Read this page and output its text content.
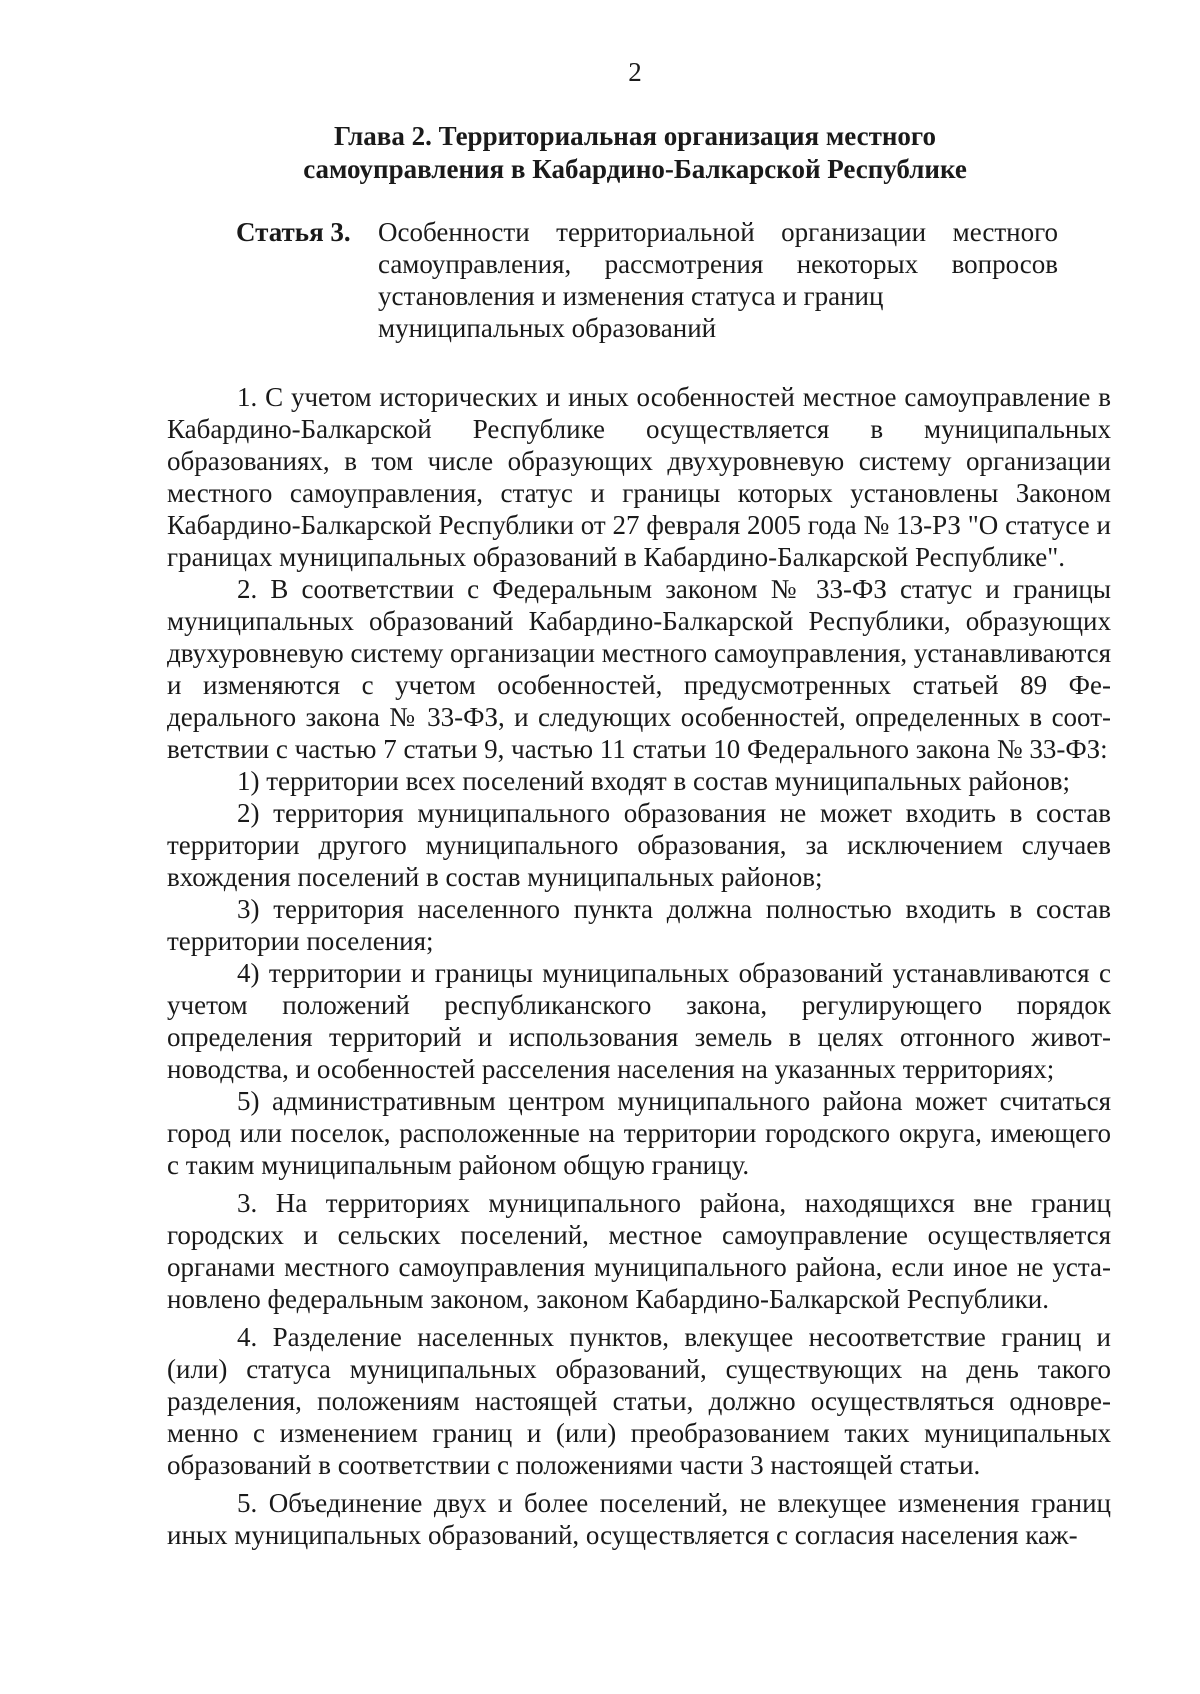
2
Глава 2. Территориальная организация местного
самоуправления в Кабардино-Балкарской Республике
Статья 3. Особенности территориальной организации местного
самоуправления, рассмотрения некоторых вопросов
установления и изменения статуса и границ
муниципальных образований

1. С учетом исторических и иных особенностей местное самоуправление в Кабардино-Балкарской Республике осуществляется в муниципальных образованиях, в том числе образующих двухуровневую систему организации местного самоуправления, статус и границы которых установлены Законом Кабардино-Балкарской Республики от 27 февраля 2005 года № 13-РЗ "О статусе и границах муниципальных образований в Кабардино-Балкарской Республике".

2. В соответствии с Федеральным законом № 33-ФЗ статус и границы муниципальных образований Кабардино-Балкарской Республики, образующих двухуровневую систему организации местного самоуправления, устанавливаются и изменяются с учетом особенностей, предусмотренных статьей 89 Федерального закона № 33-ФЗ, и следующих особенностей, определенных в соответствии с частью 7 статьи 9, частью 11 статьи 10 Федерального закона № 33-ФЗ:

1) территории всех поселений входят в состав муниципальных районов;

2) территория муниципального образования не может входить в состав территории другого муниципального образования, за исключением случаев вхождения поселений в состав муниципальных районов;

3) территория населенного пункта должна полностью входить в состав территории поселения;

4) территории и границы муниципальных образований устанавливаются с учетом положений республиканского закона, регулирующего порядок определения территорий и использования земель в целях отгонного животноводства, и особенностей расселения населения на указанных территориях;

5) административным центром муниципального района может считаться город или поселок, расположенные на территории городского округа, имеющего с таким муниципальным районом общую границу.

3. На территориях муниципального района, находящихся вне границ городских и сельских поселений, местное самоуправление осуществляется органами местного самоуправления муниципального района, если иное не установлено федеральным законом, законом Кабардино-Балкарской Республики.

4. Разделение населенных пунктов, влекущее несоответствие границ и (или) статуса муниципальных образований, существующих на день такого разделения, положениям настоящей статьи, должно осуществляться одновременно с изменением границ и (или) преобразованием таких муниципальных образований в соответствии с положениями части 3 настоящей статьи.

5. Объединение двух и более поселений, не влекущее изменения границ иных муниципальных образований, осуществляется с согласия населения каж-
